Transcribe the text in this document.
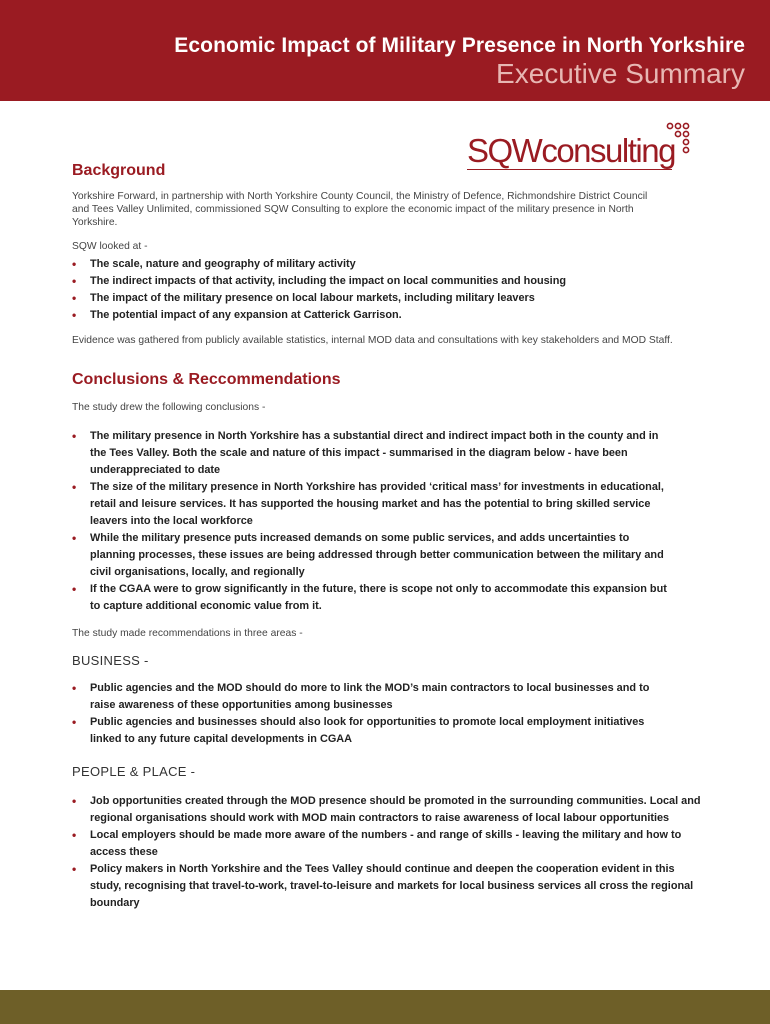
Economic Impact of Military Presence in North Yorkshire
Executive Summary
SQWconsulting
Background

Yorkshire Forward, in partnership with North Yorkshire County Council, the Ministry of Defence, Richmondshire District Council and Tees Valley Unlimited, commissioned SQW Consulting to explore the economic impact of the military presence in North Yorkshire.

SQW looked at -

• The scale, nature and geography of military activity
• The indirect impacts of that activity, including the impact on local communities and housing
• The impact of the military presence on local labour markets, including military leavers
• The potential impact of any expansion at Catterick Garrison.

Evidence was gathered from publicly available statistics, internal MOD data and consultations with key stakeholders and MOD Staff.

Conclusions & Reccommendations

The study drew the following conclusions -

• The military presence in North Yorkshire has a substantial direct and indirect impact both in the county and in the Tees Valley. Both the scale and nature of this impact - summarised in the diagram below - have been underappreciated to date
• The size of the military presence in North Yorkshire has provided ‘critical mass’ for investments in educational, retail and leisure services. It has supported the housing market and has the potential to bring skilled service leavers into the local workforce
• While the military presence puts increased demands on some public services, and adds uncertainties to planning processes, these issues are being addressed through better communication between the military and civil organisations, locally, and regionally
• If the CGAA were to grow significantly in the future, there is scope not only to accommodate this expansion but to capture additional economic value from it.

The study made recommendations in three areas -

BUSINESS -
• Public agencies and the MOD should do more to link the MOD’s main contractors to local businesses and to raise awareness of these opportunities among businesses
• Public agencies and businesses should also look for opportunities to promote local employment initiatives linked to any future capital developments in CGAA
PEOPLE & PLACE -
• Job opportunities created through the MOD presence should be promoted in the surrounding communities. Local and regional organisations should work with MOD main contractors to raise awareness of local labour opportunities
• Local employers should be made more aware of the numbers - and range of skills - leaving the military and how to access these
• Policy makers in North Yorkshire and the Tees Valley should continue and deepen the cooperation evident in this study, recognising that travel-to-work, travel-to-leisure and markets for local business services all cross the regional boundary
